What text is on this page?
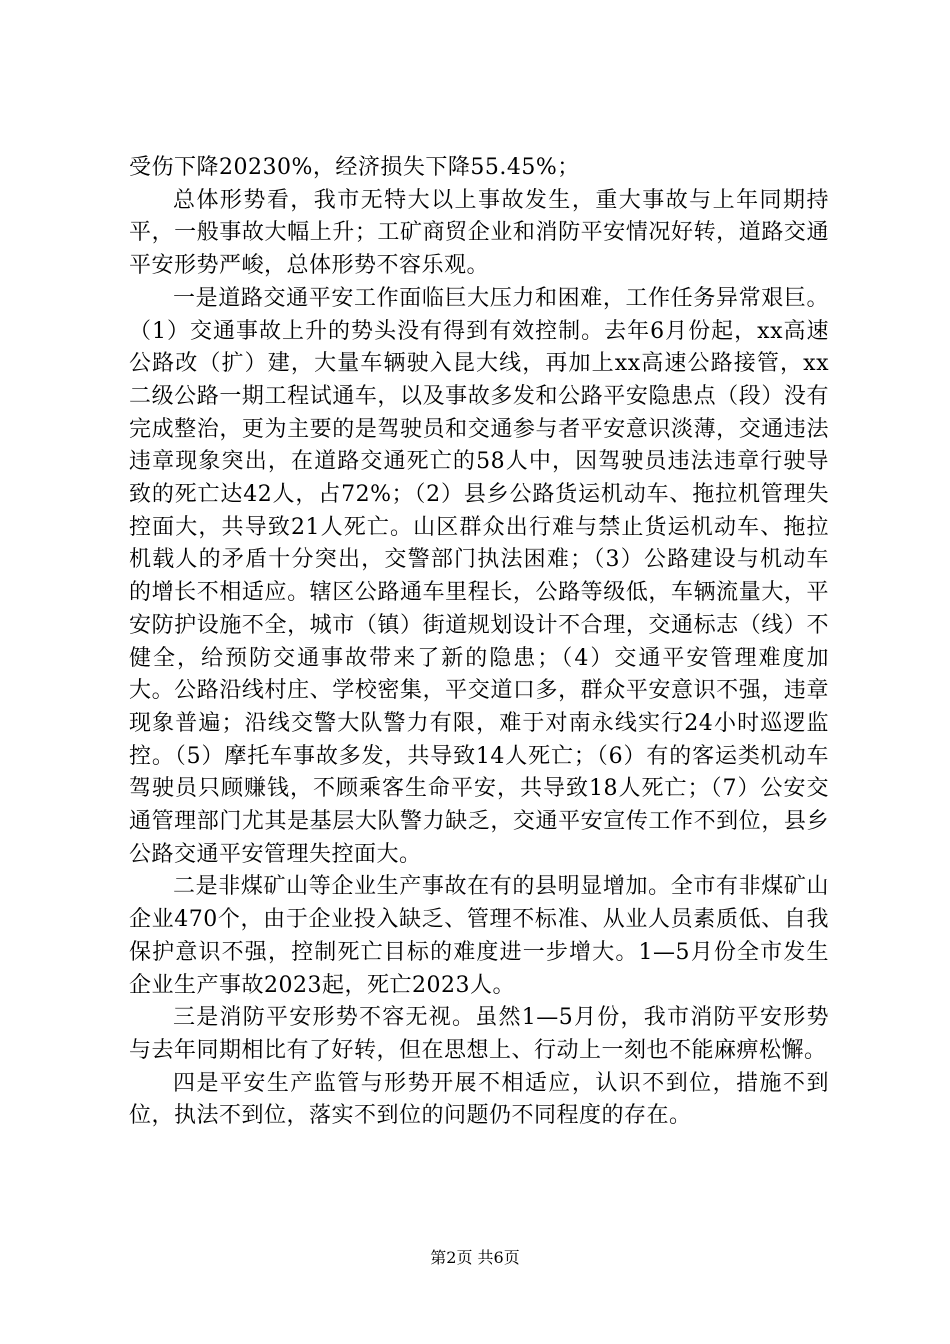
受伤下降20230%，经济损失下降55.45%；

总体形势看，我市无特大以上事故发生，重大事故与上年同期持平，一般事故大幅上升；工矿商贸企业和消防平安情况好转，道路交通平安形势严峻，总体形势不容乐观。

一是道路交通平安工作面临巨大压力和困难，工作任务异常艰巨。（1）交通事故上升的势头没有得到有效控制。去年6月份起，xx高速公路改（扩）建，大量车辆驶入昆大线，再加上xx高速公路接管，xx二级公路一期工程试通车，以及事故多发和公路平安隐患点（段）没有完成整治，更为主要的是驾驶员和交通参与者平安意识淡薄，交通违法违章现象突出，在道路交通死亡的58人中，因驾驶员违法违章行驶导致的死亡达42人，占72%；（2）县乡公路货运机动车、拖拉机管理失控面大，共导致21人死亡。山区群众出行难与禁止货运机动车、拖拉机载人的矛盾十分突出，交警部门执法困难；（3）公路建设与机动车的增长不相适应。辖区公路通车里程长，公路等级低，车辆流量大，平安防护设施不全，城市（镇）街道规划设计不合理，交通标志（线）不健全，给预防交通事故带来了新的隐患；（4）交通平安管理难度加大。公路沿线村庄、学校密集，平交道口多，群众平安意识不强，违章现象普遍；沿线交警大队警力有限，难于对南永线实行24小时巡逻监控。（5）摩托车事故多发，共导致14人死亡；（6）有的客运类机动车驾驶员只顾赚钱，不顾乘客生命平安，共导致18人死亡；（7）公安交通管理部门尤其是基层大队警力缺乏，交通平安宣传工作不到位，县乡公路交通平安管理失控面大。

二是非煤矿山等企业生产事故在有的县明显增加。全市有非煤矿山企业470个，由于企业投入缺乏、管理不标准、从业人员素质低、自我保护意识不强，控制死亡目标的难度进一步增大。1—5月份全市发生企业生产事故2023起，死亡2023人。

三是消防平安形势不容无视。虽然1—5月份，我市消防平安形势与去年同期相比有了好转，但在思想上、行动上一刻也不能麻痹松懈。

四是平安生产监管与形势开展不相适应，认识不到位，措施不到位，执法不到位，落实不到位的问题仍不同程度的存在。

第2页 共6页
